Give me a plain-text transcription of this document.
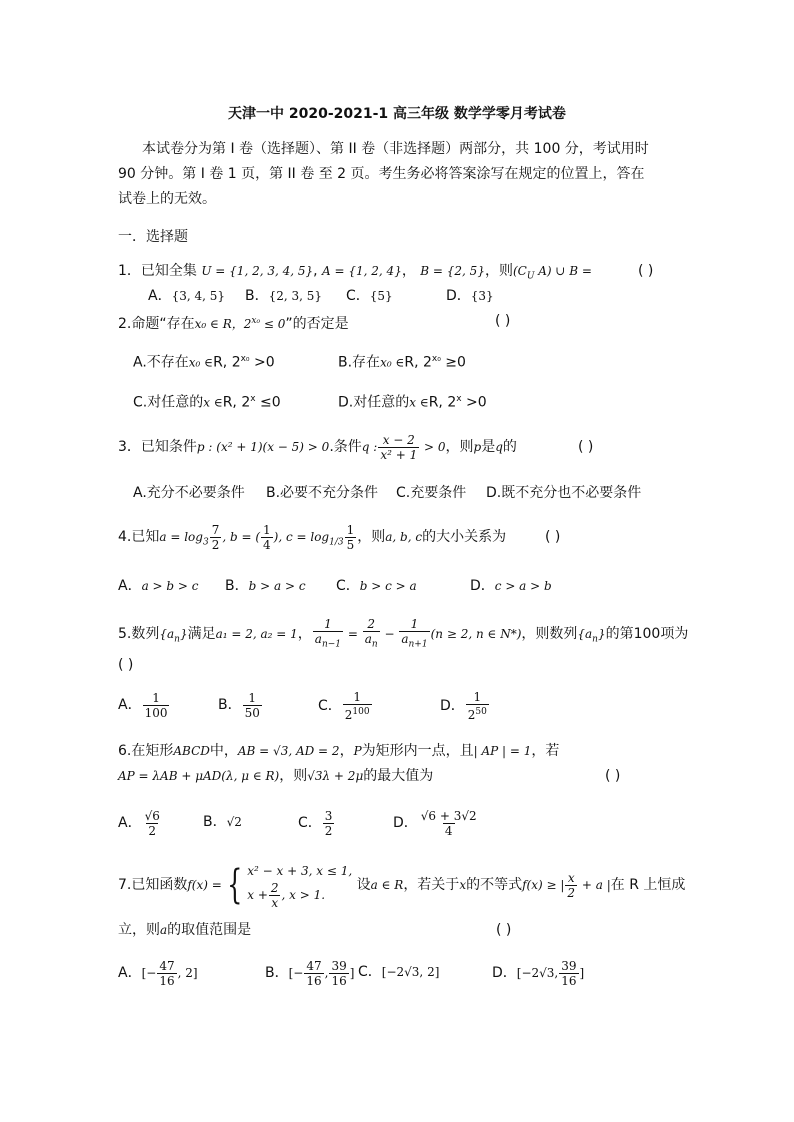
天津一中 2020-2021-1 高三年级 数学学零月考试卷
本试卷分为第 I 卷（选择题）、第 II 卷（非选择题）两部分，共 100 分，考试用时
90 分钟。第 I 卷 1 页，第 II 卷 至 2 页。考生务必将答案涂写在规定的位置上，答在
试卷上的无效。
一．选择题
1．已知全集 U = {1, 2, 3, 4, 5}, A = {1, 2, 4}， B = {2, 5}，则($C_U$ A) ∪ B =	( )
A．{3, 4, 5} B．{2, 3, 5} C．{5}	D．{3}
2.命题“存在x₀ ∈ R，$2^{x_0} \le 0$”的否定是	( )
A.不存在x₀ ∈R, $2^{x_0} >0$	B.存在x₀ ∈R, $2^{x_0} \ge 0$
C.对任意的x ∈R, $2^x \le 0$	D.对任意的x ∈R, $2^x >0$
3．已知条件p : (x² + 1)(x − 5) > 0.条件q : $\frac{x - 2}{\text{x² + 1}} > 0$，则p是q的	( )
A.充分不必要条件 B.必要不充分条件 C.充要条件 D.既不充分也不必要条件
4.已知$a = \log_3 \frac{7}{2}$ , b = ( $\frac{1}{4}$ ), $c = \log_{1/3} \frac{1}{5}$ ，则a, b, c的大小关系为	( )
A．a > b > c B．b > a > c C．b > c > a	D．c > a > b
5.数列$\{a_n\}$满足a₁ = 2, a₂ = 1， $\frac{1}{a_{n-1}} = \frac{2}{a_n} - \frac{1}{a_{n+1}} (n \ge 2$, n ∈ N*)，则数列$\{a_n\}$的第100项为
( )
A． $\frac{1}{100}$	B． $\frac{1}{50}$	C． $\frac{1}{2^{100}}$	D． $\frac{1}{2^{50}}$
6.在矩形ABCD中，AB = √3, AD = 2，P为矩形内一点，且| AP | = 1，若
AP = λAB + μAD(λ, μ ∈ R)，则√3λ + 2μ的最大值为	( )
A． $\frac{√6}{2}$	B．√2	C． $\frac{3}{2}$	D． $\frac{√6 + 3√2}{4}$
7.已知函数f(x) = { x² − x + 3, x ≤ 1,
$x + \frac{2}{x}$ , x > 1.
设a ∈ R，若关于x的不等式f(x) ≥ | $\frac{x}{2} + a$ |在 R 上恒成
立，则a的取值范围是	( )
A．[− $\frac{47}{16}$ , 2]	B．[− $\frac{47}{16}$ , $\frac{39}{16}$ ] C．[−2√3, 2]	D．[−2√3, $\frac{39}{16}$ ]
